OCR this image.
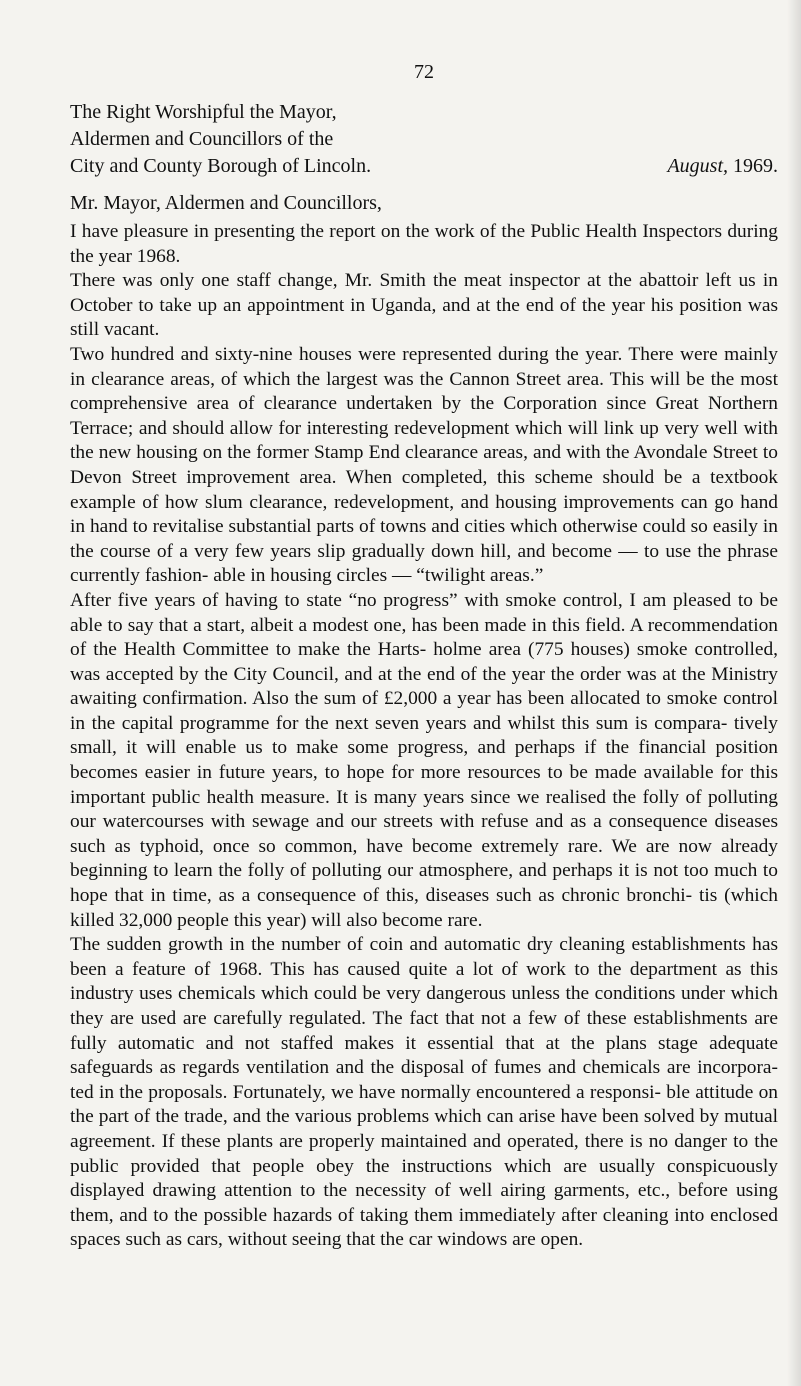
72
The Right Worshipful the Mayor,
Aldermen and Councillors of the
City and County Borough of Lincoln.	August, 1969.
Mr. Mayor, Aldermen and Councillors,

I have pleasure in presenting the report on the work of the Public Health Inspectors during the year 1968.

There was only one staff change, Mr. Smith the meat inspector at the abattoir left us in October to take up an appointment in Uganda, and at the end of the year his position was still vacant.

Two hundred and sixty-nine houses were represented during the year. There were mainly in clearance areas, of which the largest was the Cannon Street area. This will be the most comprehensive area of clearance undertaken by the Corporation since Great Northern Terrace; and should allow for interesting redevelopment which will link up very well with the new housing on the former Stamp End clearance areas, and with the Avondale Street to Devon Street improvement area. When completed, this scheme should be a textbook example of how slum clearance, redevelopment, and housing improvements can go hand in hand to revitalise substantial parts of towns and cities which otherwise could so easily in the course of a very few years slip gradually down hill, and become — to use the phrase currently fashion- able in housing circles — “twilight areas.”

After five years of having to state “no progress” with smoke control, I am pleased to be able to say that a start, albeit a modest one, has been made in this field. A recommendation of the Health Committee to make the Harts- holme area (775 houses) smoke controlled, was accepted by the City Council, and at the end of the year the order was at the Ministry awaiting confirmation. Also the sum of £2,000 a year has been allocated to smoke control in the capital programme for the next seven years and whilst this sum is compara- tively small, it will enable us to make some progress, and perhaps if the financial position becomes easier in future years, to hope for more resources to be made available for this important public health measure. It is many years since we realised the folly of polluting our watercourses with sewage and our streets with refuse and as a consequence diseases such as typhoid, once so common, have become extremely rare. We are now already beginning to learn the folly of polluting our atmosphere, and perhaps it is not too much to hope that in time, as a consequence of this, diseases such as chronic bronchi- tis (which killed 32,000 people this year) will also become rare.

The sudden growth in the number of coin and automatic dry cleaning establishments has been a feature of 1968. This has caused quite a lot of work to the department as this industry uses chemicals which could be very dangerous unless the conditions under which they are used are carefully regulated. The fact that not a few of these establishments are fully automatic and not staffed makes it essential that at the plans stage adequate safeguards as regards ventilation and the disposal of fumes and chemicals are incorpora- ted in the proposals. Fortunately, we have normally encountered a responsi- ble attitude on the part of the trade, and the various problems which can arise have been solved by mutual agreement. If these plants are properly maintained and operated, there is no danger to the public provided that people obey the instructions which are usually conspicuously displayed drawing attention to the necessity of well airing garments, etc., before using them, and to the possible hazards of taking them immediately after cleaning into enclosed spaces such as cars, without seeing that the car windows are open.
